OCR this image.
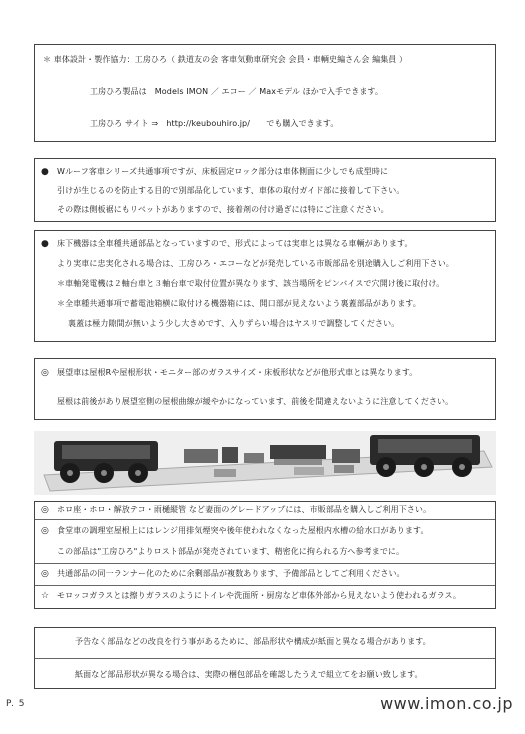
＊ 車体設計・製作協力：工房ひろ（ 鉄道友の会 客車気動車研究会 会員・車輌史編さん会 編集員 ）
工房ひろ製品は　Models IMON ／ エコー ／ Maxモデル ほかで入手できます。
工房ひろ サイト ⇒　http://keubouhiro.jp/　　でも購入できます。
● Wルーフ客車シリーズ共通事項ですが、床板固定ロック部分は車体側面に少しでも成型時に
引けが生じるのを防止する目的で別部品化しています、車体の取付ガイド部に接着して下さい。
その際は側板裾にもリベットがありますので、接着剤の付け過ぎには特にご注意ください。
● 床下機器は全車種共通部品となっていますので、形式によっては実車とは異なる車輌があります。
より実車に忠実化される場合は、工房ひろ・エコーなどが発売している市販部品を別途購入しご利用下さい。
＊車軸発電機は２軸台車と３軸台車で取付位置が異なります、該当場所をピンバイスで穴開け後に取付け。
＊全車種共通事項で蓄電池箱横に取付ける機器箱には、開口部が見えないよう裏蓋部品があります。
裏蓋は極力隙間が無いよう少し大きめです、入りずらい場合はヤスリで調整してください。
◎ 展望車は屋根Rや屋根形状・モニター部のガラスサイズ・床板形状などが他形式車とは異なります。
屋根は前後があり展望室側の屋根曲線が緩やかになっています、前後を間違えないように注意してください。
◎ ホロ座・ホロ・解放テコ・雨樋縦管 など妻面のグレードアップには、市販部品を購入しご利用下さい。
◎ 食堂車の調理室屋根上にはレンジ用排気煙突や後年使われなくなった屋根内水槽の給水口があります。
この部品は"工房ひろ"よりロスト部品が発売されています、精密化に拘られる方へ参考までに。
◎ 共通部品の同一ランナー化のために余剰部品が複数あります、予備部品としてご利用ください。
☆ モロッコガラスとは擦りガラスのようにトイレや洗面所・厨房など車体外部から見えないよう使われるガラス。
予告なく部品などの改良を行う事があるために、部品形状や構成が紙面と異なる場合があります。
紙面など部品形状が異なる場合は、実際の梱包部品を確認したうえで組立てをお願い致します。
P. 5	www.imon.co.jp
